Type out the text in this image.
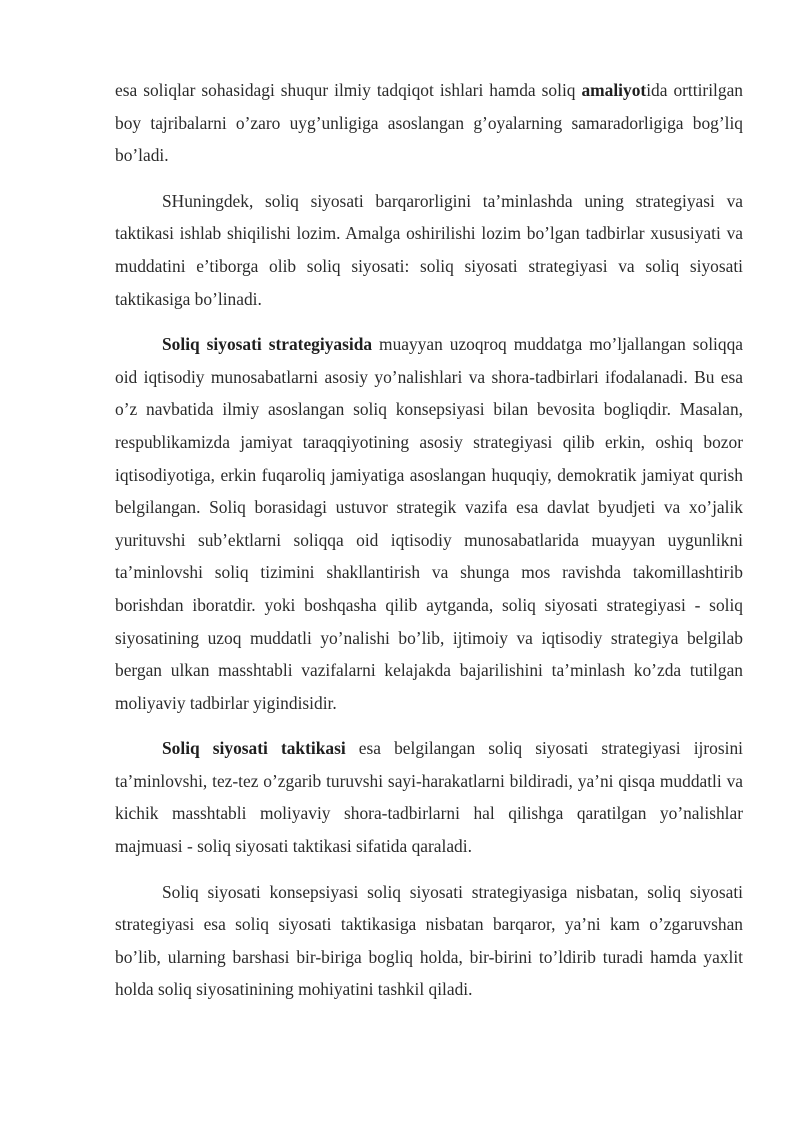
esa soliqlar sohasidagi shuqur ilmiy tadqiqot ishlari hamda soliq amaliyotida orttirilgan boy tajribalarni o’zaro uyg’unligiga asoslangan g’oyalarning samaradorligiga bog’liq bo’ladi.

SHuningdek, soliq siyosati barqarorligini ta’minlashda uning strategiyasi va taktikasi ishlab shiqilishi lozim. Amalga oshirilishi lozim bo’lgan tadbirlar xususiyati va muddatini e’tiborga olib soliq siyosati: soliq siyosati strategiyasi va soliq siyosati taktikasiga bo’linadi.

Soliq siyosati strategiyasida muayyan uzoqroq muddatga mo’ljallangan soliqqa oid iqtisodiy munosabatlarni asosiy yo’nalishlari va shora-tadbirlari ifodalanadi. Bu esa o’z navbatida ilmiy asoslangan soliq konsepsiyasi bilan bevosita bogliqdir. Masalan, respublikamizda jamiyat taraqqiyotining asosiy strategiyasi qilib erkin, oshiq bozor iqtisodiyotiga, erkin fuqaroliq jamiyatiga asoslangan huquqiy, demokratik jamiyat qurish belgilangan. Soliq borasidagi ustuvor strategik vazifa esa davlat byudjeti va xo’jalik yurituvshi sub’ektlarni soliqqa oid iqtisodiy munosabatlarida muayyan uygunlikni ta’minlovshi soliq tizimini shakllantirish va shunga mos ravishda takomillashtirib borishdan iboratdir. yoki boshqasha qilib aytganda, soliq siyosati strategiyasi - soliq siyosatining uzoq muddatli yo’nalishi bo’lib, ijtimoiy va iqtisodiy strategiya belgilab bergan ulkan masshtabli vazifalarni kelajakda bajarilishini ta’minlash ko’zda tutilgan moliyaviy tadbirlar yigindisidir.

Soliq siyosati taktikasi esa belgilangan soliq siyosati strategiyasi ijrosini ta’minlovshi, tez-tez o’zgarib turuvshi sayi-harakatlarni bildiradi, ya’ni qisqa muddatli va kichik masshtabli moliyaviy shora-tadbirlarni hal qilishga qaratilgan yo’nalishlar majmuasi - soliq siyosati taktikasi sifatida qaraladi.

Soliq siyosati konsepsiyasi soliq siyosati strategiyasiga nisbatan, soliq siyosati strategiyasi esa soliq siyosati taktikasiga nisbatan barqaror, ya’ni kam o’zgaruvshan bo’lib, ularning barshasi bir-biriga bogliq holda, bir-birini to’ldirib turadi hamda yaxlit holda soliq siyosatinining mohiyatini tashkil qiladi.
